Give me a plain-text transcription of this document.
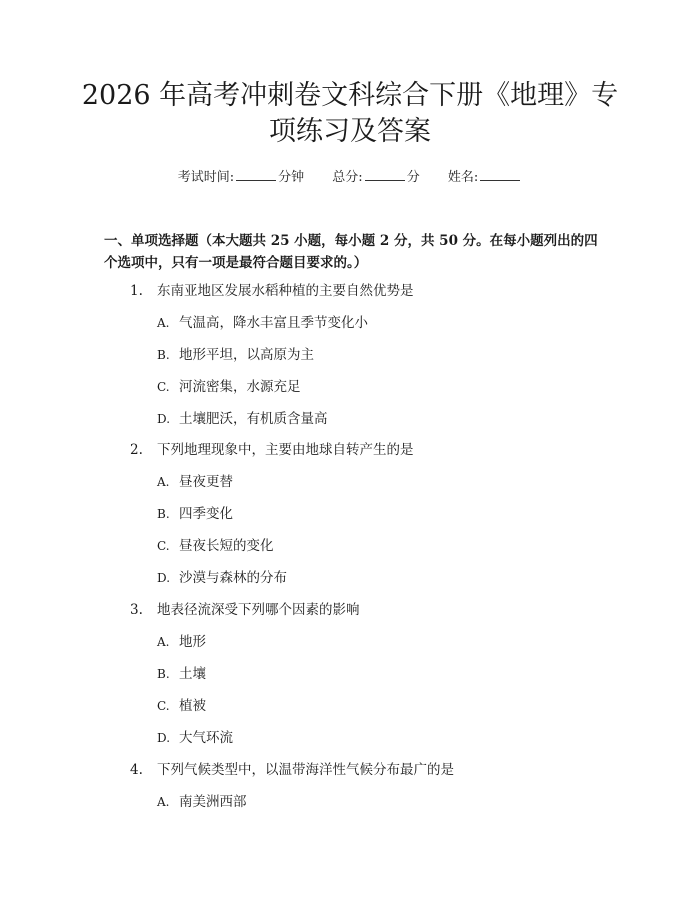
2026 年高考冲刺卷文科综合下册《地理》专
项练习及答案
考试时间:	分钟 总分:	分 姓名:

一、单项选择题（本大题共 25 小题，每小题 2 分，共 50 分。在每小题列出的四个选项中，只有一项是最符合题目要求的。）

1. 东南亚地区发展水稻种植的主要自然优势是
A. 气温高，降水丰富且季节变化小
B. 地形平坦，以高原为主
C. 河流密集，水源充足
D. 土壤肥沃，有机质含量高
2. 下列地理现象中，主要由地球自转产生的是
A. 昼夜更替
B. 四季变化
C. 昼夜长短的变化
D. 沙漠与森林的分布
3. 地表径流深受下列哪个因素的影响
A. 地形
B. 土壤
C. 植被
D. 大气环流
4. 下列气候类型中，以温带海洋性气候分布最广的是
A. 南美洲西部
